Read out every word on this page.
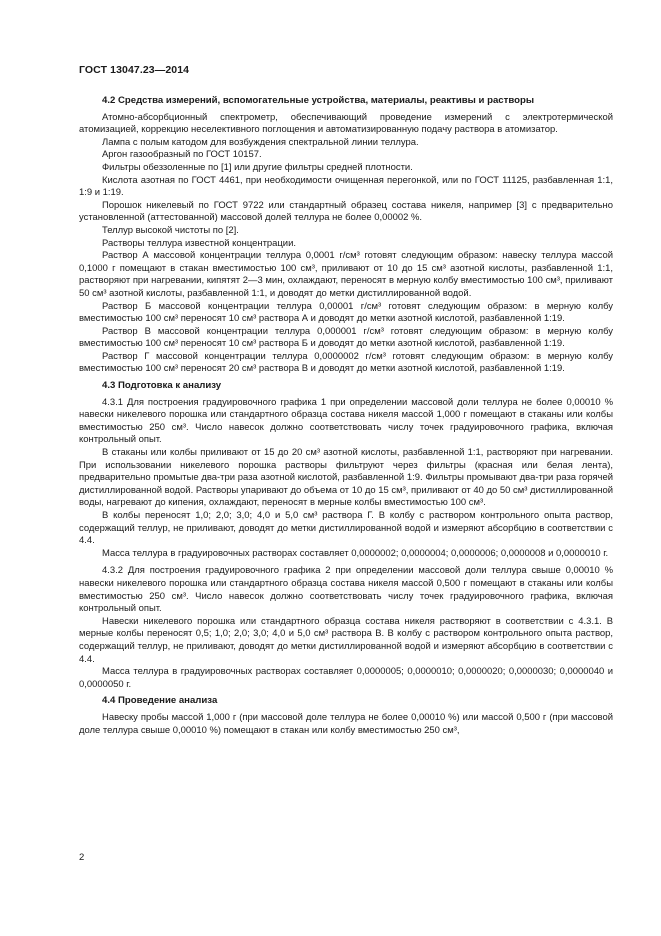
ГОСТ 13047.23—2014
4.2 Средства измерений, вспомогательные устройства, материалы, реактивы и растворы

Атомно-абсорбционный спектрометр, обеспечивающий проведение измерений с электротермической атомизацией, коррекцию неселективного поглощения и автоматизированную подачу раствора в атомизатор.

Лампа с полым катодом для возбуждения спектральной линии теллура.

Аргон газообразный по ГОСТ 10157.

Фильтры обеззоленные по [1] или другие фильтры средней плотности.

Кислота азотная по ГОСТ 4461, при необходимости очищенная перегонкой, или по ГОСТ 11125, разбавленная 1:1, 1:9 и 1:19.

Порошок никелевый по ГОСТ 9722 или стандартный образец состава никеля, например [3] с предварительно установленной (аттестованной) массовой долей теллура не более 0,00002 %.

Теллур высокой чистоты по [2].

Растворы теллура известной концентрации.

Раствор А массовой концентрации теллура 0,0001 г/см³ готовят следующим образом: навеску теллура массой 0,1000 г помещают в стакан вместимостью 100 см³, приливают от 10 до 15 см³ азотной кислоты, разбавленной 1:1, растворяют при нагревании, кипятят 2—3 мин, охлаждают, переносят в мерную колбу вместимостью 100 см³, приливают 50 см³ азотной кислоты, разбавленной 1:1, и доводят до метки дистиллированной водой.

Раствор Б массовой концентрации теллура 0,00001 г/см³ готовят следующим образом: в мерную колбу вместимостью 100 см³ переносят 10 см³ раствора А и доводят до метки азотной кислотой, разбавленной 1:19.

Раствор В массовой концентрации теллура 0,000001 г/см³ готовят следующим образом: в мерную колбу вместимостью 100 см³ переносят 10 см³ раствора Б и доводят до метки азотной кислотой, разбавленной 1:19.

Раствор Г массовой концентрации теллура 0,0000002 г/см³ готовят следующим образом: в мерную колбу вместимостью 100 см³ переносят 20 см³ раствора В и доводят до метки азотной кислотой, разбавленной 1:19.

4.3 Подготовка к анализу

4.3.1 Для построения градуировочного графика 1 при определении массовой доли теллура не более 0,00010 % навески никелевого порошка или стандартного образца состава никеля массой 1,000 г помещают в стаканы или колбы вместимостью 250 см³. Число навесок должно соответствовать числу точек градуировочного графика, включая контрольный опыт.

В стаканы или колбы приливают от 15 до 20 см³ азотной кислоты, разбавленной 1:1, растворяют при нагревании. При использовании никелевого порошка растворы фильтруют через фильтры (красная или белая лента), предварительно промытые два-три раза азотной кислотой, разбавленной 1:9. Фильтры промывают два-три раза горячей дистиллированной водой. Растворы упаривают до объема от 10 до 15 см³, приливают от 40 до 50 см³ дистиллированной воды, нагревают до кипения, охлаждают, переносят в мерные колбы вместимостью 100 см³.

В колбы переносят 1,0; 2,0; 3,0; 4,0 и 5,0 см³ раствора Г. В колбу с раствором контрольного опыта раствор, содержащий теллур, не приливают, доводят до метки дистиллированной водой и измеряют абсорбцию в соответствии с 4.4.

Масса теллура в градуировочных растворах составляет 0,0000002; 0,0000004; 0,0000006; 0,0000008 и 0,0000010 г.

4.3.2 Для построения градуировочного графика 2 при определении массовой доли теллура свыше 0,00010 % навески никелевого порошка или стандартного образца состава никеля массой 0,500 г помещают в стаканы или колбы вместимостью 250 см³. Число навесок должно соответствовать числу точек градуировочного графика, включая контрольный опыт.

Навески никелевого порошка или стандартного образца состава никеля растворяют в соответствии с 4.3.1. В мерные колбы переносят 0,5; 1,0; 2,0; 3,0; 4,0 и 5,0 см³ раствора В. В колбу с раствором контрольного опыта раствор, содержащий теллур, не приливают, доводят до метки дистиллированной водой и измеряют абсорбцию в соответствии с 4.4.

Масса теллура в градуировочных растворах составляет 0,0000005; 0,0000010; 0,0000020; 0,0000030; 0,0000040 и 0,0000050 г.

4.4 Проведение анализа

Навеску пробы массой 1,000 г (при массовой доле теллура не более 0,00010 %) или массой 0,500 г (при массовой доле теллура свыше 0,00010 %) помещают в стакан или колбу вместимостью 250 см³,

2
